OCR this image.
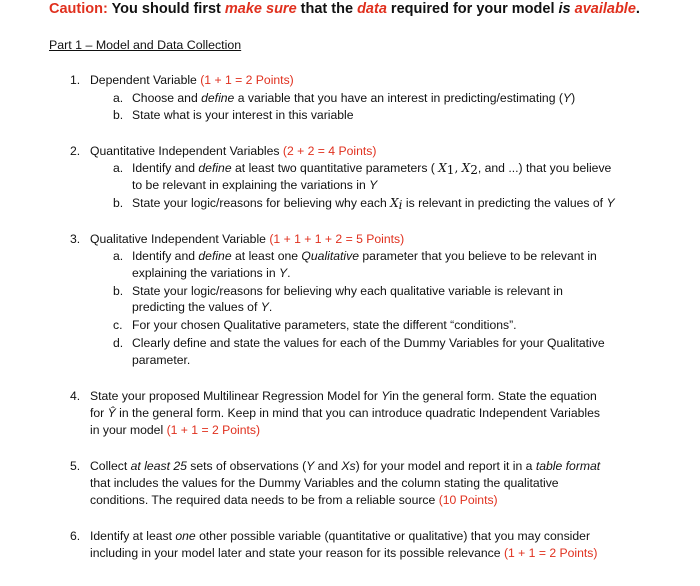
Caution: You should first make sure that the data required for your model is available.
Part 1 – Model and Data Collection
1. Dependent Variable (1 + 1 = 2 Points)
a. Choose and define a variable that you have an interest in predicting/estimating (Y)
b. State what is your interest in this variable
2. Quantitative Independent Variables (2 + 2 = 4 Points)
a. Identify and define at least two quantitative parameters ( $X_1$, $X_2$, and ...) that you believe
to be relevant in explaining the variations in Y
b. State your logic/reasons for believing why each $X_i$ is relevant in predicting the values of Y
3. Qualitative Independent Variable (1 + 1 + 1 + 2 = 5 Points)
a. Identify and define at least one Qualitative parameter that you believe to be relevant in
explaining the variations in Y.
b. State your logic/reasons for believing why each qualitative variable is relevant in
predicting the values of Y.
c. For your chosen Qualitative parameters, state the different “conditions”.
d. Clearly define and state the values for each of the Dummy Variables for your Qualitative
parameter.
4. State your proposed Multilinear Regression Model for Yin the general form. State the equation
for Ŷ in the general form. Keep in mind that you can introduce quadratic Independent Variables
in your model (1 + 1 = 2 Points)
5. Collect at least 25 sets of observations (Y and Xs) for your model and report it in a table format
that includes the values for the Dummy Variables and the column stating the qualitative
conditions. The required data needs to be from a reliable source (10 Points)
6. Identify at least one other possible variable (quantitative or qualitative) that you may consider
including in your model later and state your reason for its possible relevance (1 + 1 = 2 Points)
